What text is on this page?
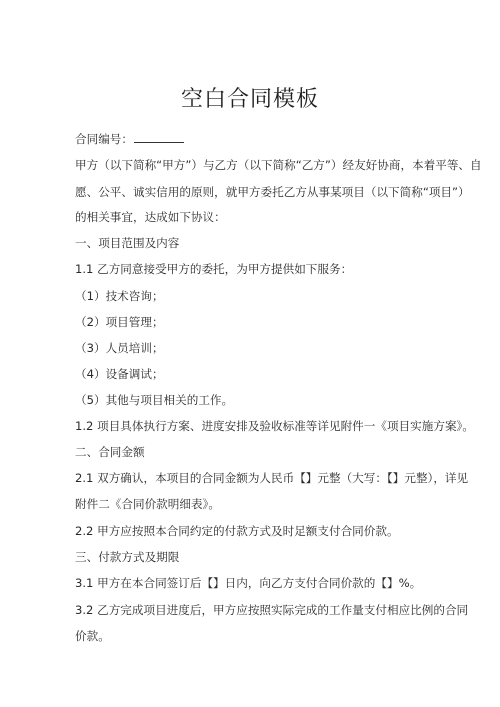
空白合同模板
合同编号：
甲方（以下简称“甲方”）与乙方（以下简称“乙方”）经友好协商，本着平等、自
愿、公平、诚实信用的原则，就甲方委托乙方从事某项目（以下简称“项目”）
的相关事宜，达成如下协议：
一、项目范围及内容
1.1 乙方同意接受甲方的委托，为甲方提供如下服务：
（1）技术咨询；
（2）项目管理；
（3）人员培训；
（4）设备调试；
（5）其他与项目相关的工作。
1.2 项目具体执行方案、进度安排及验收标准等详见附件一《项目实施方案》。
二、合同金额
2.1 双方确认，本项目的合同金额为人民币【】元整（大写：【】元整），详见
附件二《合同价款明细表》。
2.2 甲方应按照本合同约定的付款方式及时足额支付合同价款。
三、付款方式及期限
3.1 甲方在本合同签订后【】日内，向乙方支付合同价款的【】%。
3.2 乙方完成项目进度后，甲方应按照实际完成的工作量支付相应比例的合同
价款。
